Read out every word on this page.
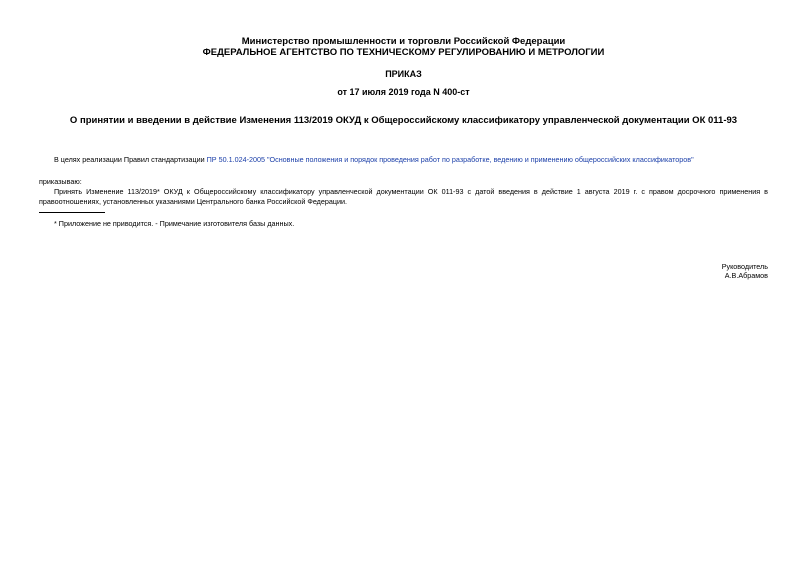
Министерство промышленности и торговли Российской Федерации
ФЕДЕРАЛЬНОЕ АГЕНТСТВО ПО ТЕХНИЧЕСКОМУ РЕГУЛИРОВАНИЮ И МЕТРОЛОГИИ
ПРИКАЗ
от 17 июля 2019 года N 400-ст
О принятии и введении в действие Изменения 113/2019 ОКУД к Общероссийскому классификатору управленческой документации ОК 011-93
В целях реализации Правил стандартизации ПР 50.1.024-2005 "Основные положения и порядок проведения работ по разработке, ведению и применению общероссийских классификаторов"
приказываю:
Принять Изменение 113/2019* ОКУД к Общероссийскому классификатору управленческой документации ОК 011-93 с датой введения в действие 1 августа 2019 г. с правом досрочного применения в
правоотношениях, установленных указаниями Центрального банка Российской Федерации.
* Приложение не приводится. - Примечание изготовителя базы данных.
Руководитель
А.В.Абрамов
